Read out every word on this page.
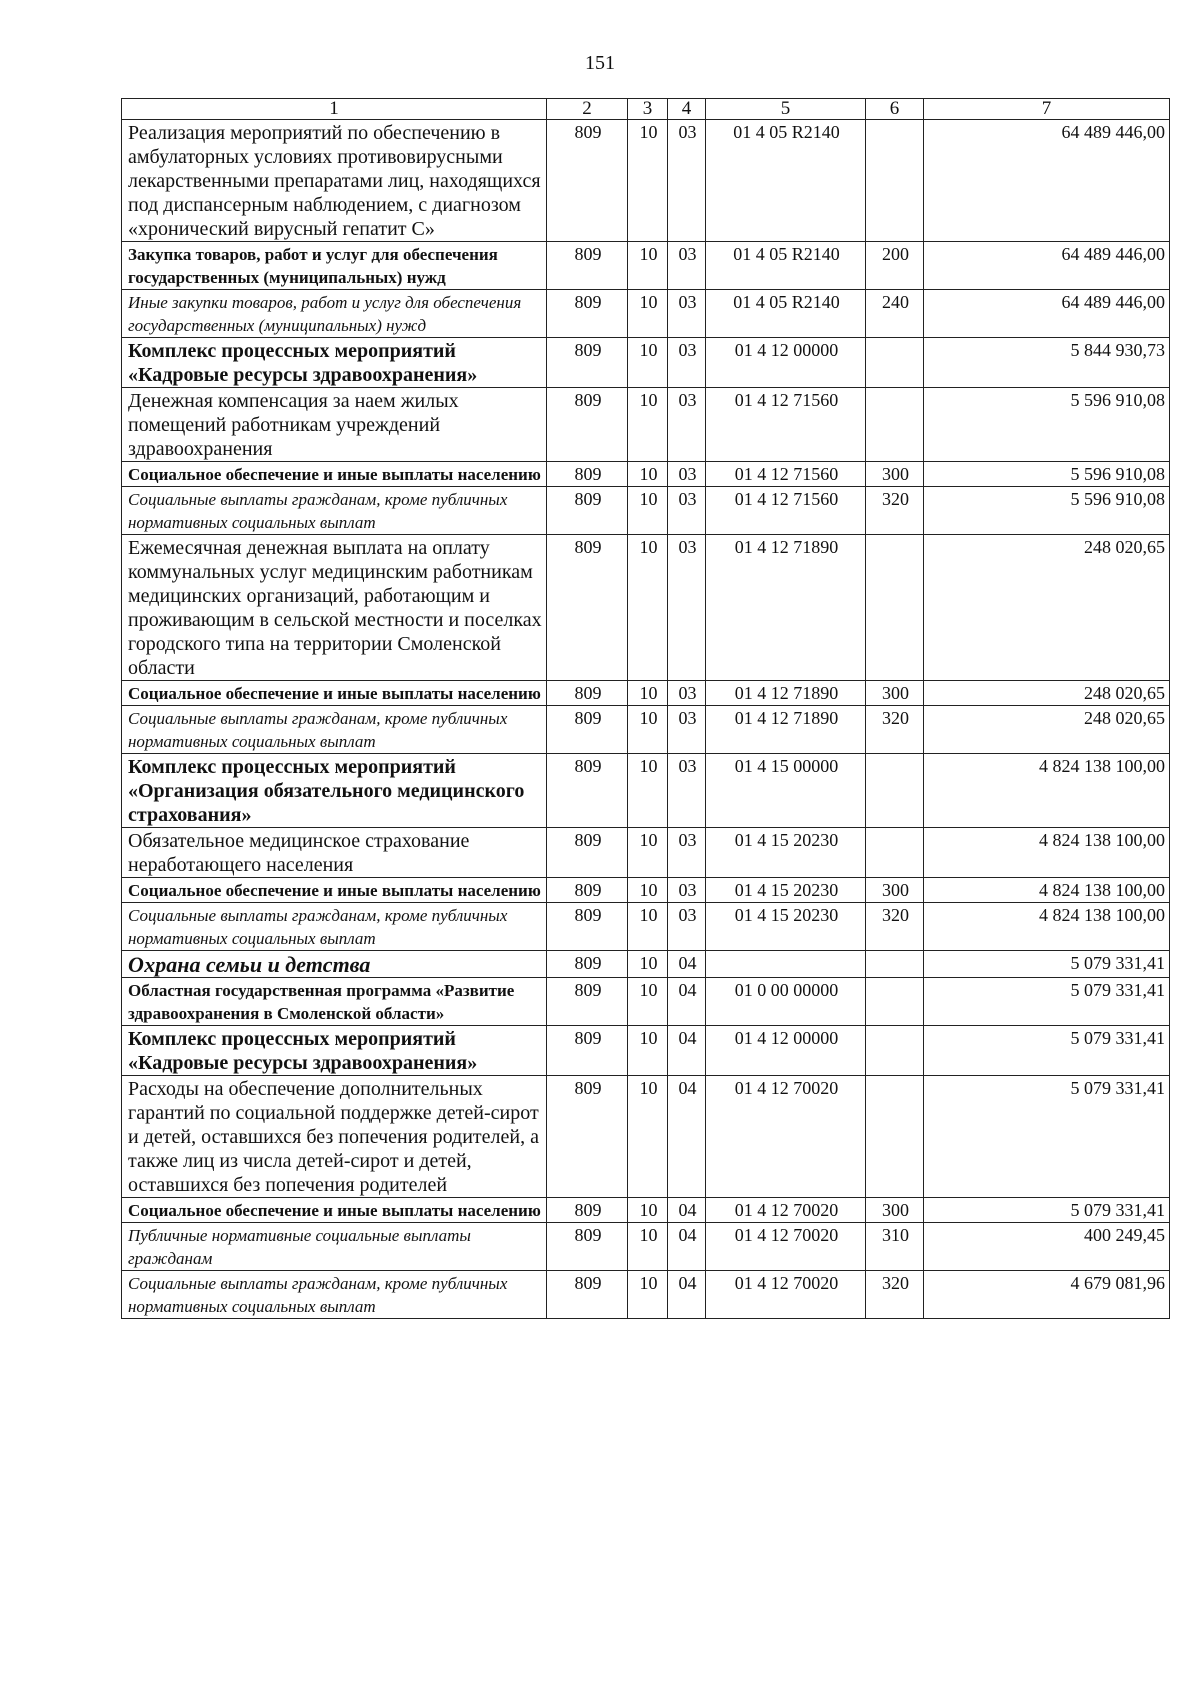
151
1	2	3	4	5	6	7
Реализация мероприятий по обеспечению в амбулаторных условиях противовирусными лекарственными препаратами лиц, находящихся под диспансерным наблюдением, с диагнозом «хронический вирусный гепатит С»	809	10	03	01 4 05 R2140		64 489 446,00
Закупка товаров, работ и услуг для обеспечения государственных (муниципальных) нужд	809	10	03	01 4 05 R2140	200	64 489 446,00
Иные закупки товаров, работ и услуг для обеспечения государственных (муниципальных) нужд	809	10	03	01 4 05 R2140	240	64 489 446,00
Комплекс процессных мероприятий «Кадровые ресурсы здравоохранения»	809	10	03	01 4 12 00000		5 844 930,73
Денежная компенсация за наем жилых помещений работникам учреждений здравоохранения	809	10	03	01 4 12 71560		5 596 910,08
Социальное обеспечение и иные выплаты населению	809	10	03	01 4 12 71560	300	5 596 910,08
Социальные выплаты гражданам, кроме публичных нормативных социальных выплат	809	10	03	01 4 12 71560	320	5 596 910,08
Ежемесячная денежная выплата на оплату коммунальных услуг медицинским работникам медицинских организаций, работающим и проживающим в сельской местности и поселках городского типа на территории Смоленской области	809	10	03	01 4 12 71890		248 020,65
Социальное обеспечение и иные выплаты населению	809	10	03	01 4 12 71890	300	248 020,65
Социальные выплаты гражданам, кроме публичных нормативных социальных выплат	809	10	03	01 4 12 71890	320	248 020,65
Комплекс процессных мероприятий «Организация обязательного медицинского страхования»	809	10	03	01 4 15 00000		4 824 138 100,00
Обязательное медицинское страхование неработающего населения	809	10	03	01 4 15 20230		4 824 138 100,00
Социальное обеспечение и иные выплаты населению	809	10	03	01 4 15 20230	300	4 824 138 100,00
Социальные выплаты гражданам, кроме публичных нормативных социальных выплат	809	10	03	01 4 15 20230	320	4 824 138 100,00
Охрана семьи и детства	809	10	04			5 079 331,41
Областная государственная программа «Развитие здравоохранения в Смоленской области»	809	10	04	01 0 00 00000		5 079 331,41
Комплекс процессных мероприятий «Кадровые ресурсы здравоохранения»	809	10	04	01 4 12 00000		5 079 331,41
Расходы на обеспечение дополнительных гарантий по социальной поддержке детей-сирот и детей, оставшихся без попечения родителей, а также лиц из числа детей-сирот и детей, оставшихся без попечения родителей	809	10	04	01 4 12 70020		5 079 331,41
Социальное обеспечение и иные выплаты населению	809	10	04	01 4 12 70020	300	5 079 331,41
Публичные нормативные социальные выплаты гражданам	809	10	04	01 4 12 70020	310	400 249,45
Социальные выплаты гражданам, кроме публичных нормативных социальных выплат	809	10	04	01 4 12 70020	320	4 679 081,96
